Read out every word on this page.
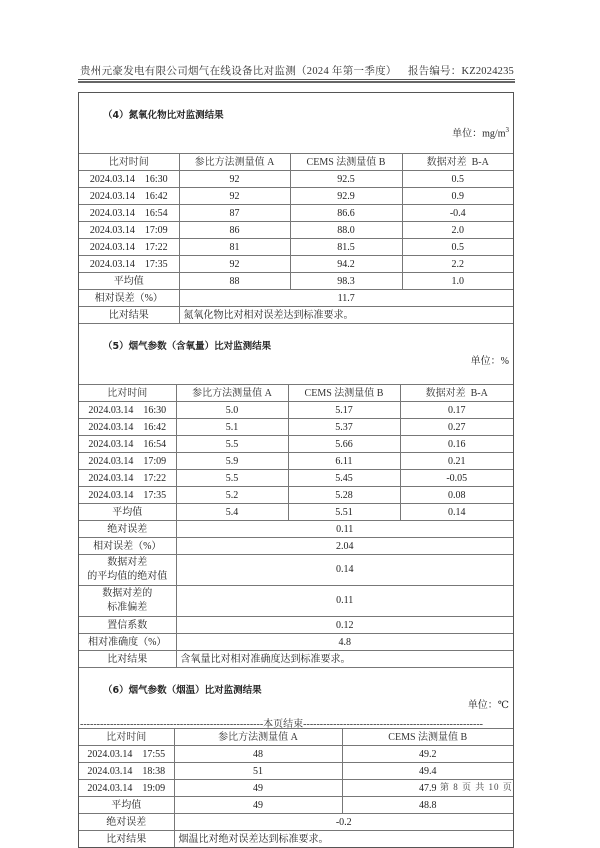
贵州元豪发电有限公司烟气在线设备比对监测（2024 年第一季度） 报告编号：KZ2024235

（4）氮氧化物比对监测结果

单位：$mg/m^3$

比对时间	参比方法测量值 A	CEMS 法测量值 B	数据对差  B-A
2024.03.14    16:30	92	92.5	0.5
2024.03.14    16:42	92	92.9	0.9
2024.03.14    16:54	87	86.6	-0.4
2024.03.14    17:09	86	88.0	2.0
2024.03.14    17:22	81	81.5	0.5
2024.03.14    17:35	92	94.2	2.2
平均值	88	98.3	1.0
相对误差（%）	11.7		
比对结果	氮氧化物比对相对误差达到标准要求。		

（5）烟气参数（含氧量）比对监测结果

单位：%			

比对时间	参比方法测量值 A	CEMS 法测量值 B	数据对差  B-A
2024.03.14    16:30	5.0	5.17	0.17
2024.03.14    16:42	5.1	5.37	0.27
2024.03.14    16:54	5.5	5.66	0.16
2024.03.14    17:09	5.9	6.11	0.21
2024.03.14    17:22	5.5	5.45	-0.05
2024.03.14    17:35	5.2	5.28	0.08
平均值	5.4	5.51	0.14
绝对误差	0.11		
相对误差（%）	2.04		
数据对差
的平均值的绝对值	0.14		
数据对差的
标准偏差	0.11		
置信系数	0.12		
相对准确度（%）	4.8		
比对结果	含氧量比对相对准确度达到标准要求。		

（6）烟气参数（烟温）比对监测结果

单位：℃		

比对时间	参比方法测量值 A	CEMS 法测量值 B
2024.03.14    17:55	48	49.2
2024.03.14    18:38	51	49.4
2024.03.14    19:09	49	47.9
平均值	49	48.8
绝对误差	-0.2	
比对结果	烟温比对绝对误差达到标准要求。	
-------------------------------------------------------本页结束------------------------------------------------------
第 8 页 共 10 页
